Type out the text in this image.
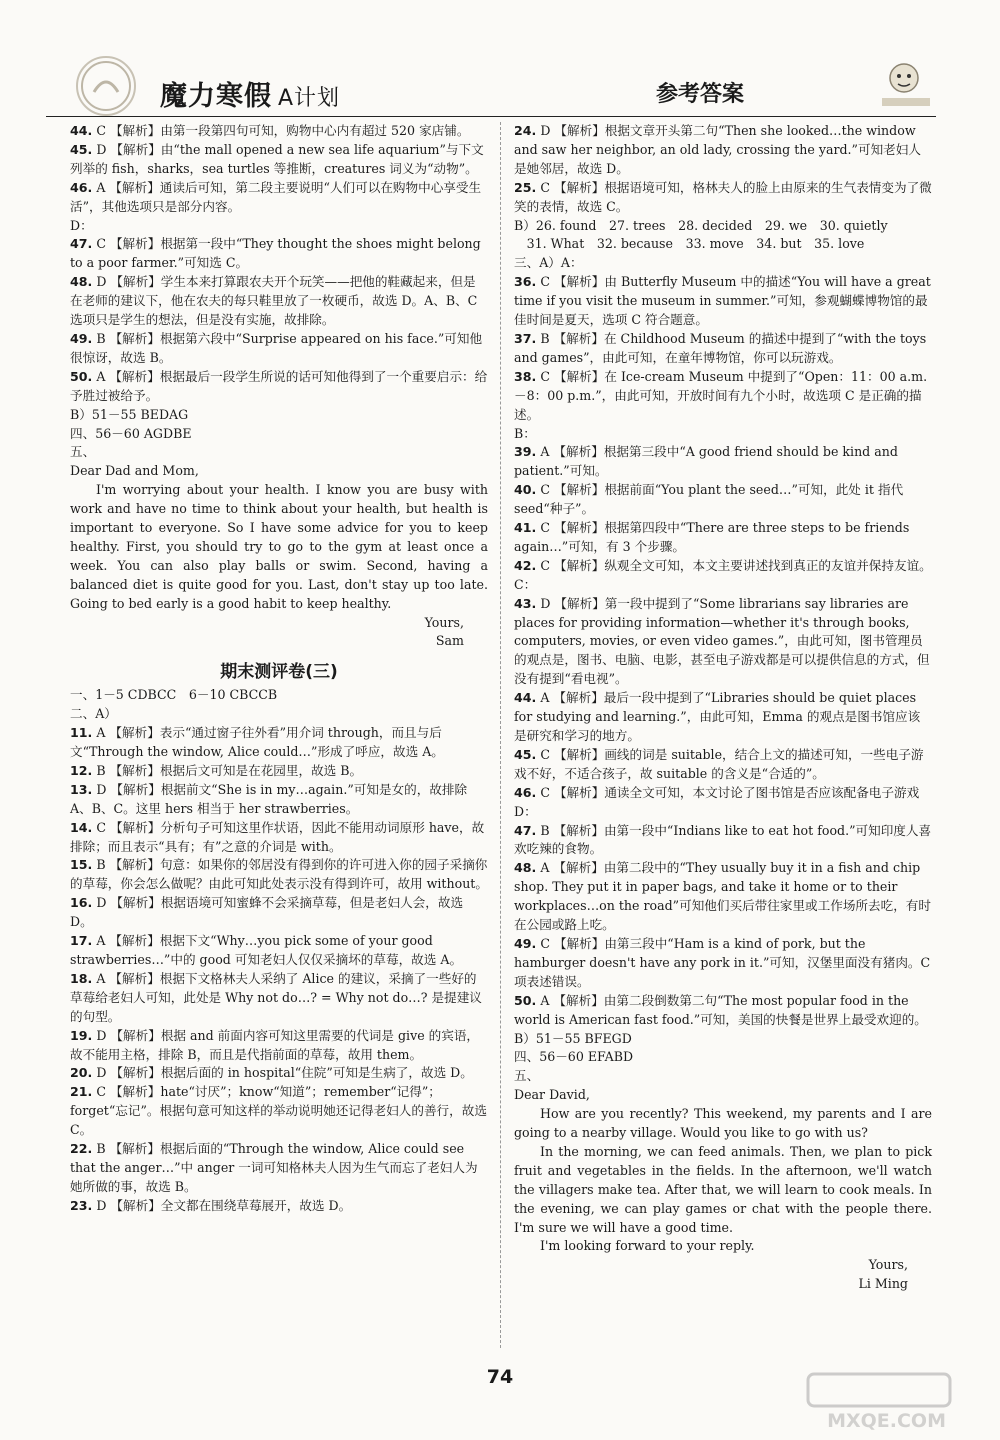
魔力寒假 A计划	参考答案

44. C 【解析】由第一段第四句可知，购物中心内有超过 520 家店铺。

45. D 【解析】由“the mall opened a new sea life aquarium”与下文列举的 fish，sharks，sea turtles 等推断，creatures 词义为“动物”。

46. A 【解析】通读后可知，第二段主要说明“人们可以在购物中心享受生活”，其他选项只是部分内容。

D：

47. C 【解析】根据第一段中“They thought the shoes might belong to a poor farmer.”可知选 C。

48. D 【解析】学生本来打算跟农夫开个玩笑——把他的鞋藏起来，但是在老师的建议下，他在农夫的每只鞋里放了一枚硬币，故选 D。A、B、C 选项只是学生的想法，但是没有实施，故排除。

49. B 【解析】根据第六段中“Surprise appeared on his face.”可知他很惊讶，故选 B。

50. A 【解析】根据最后一段学生所说的话可知他得到了一个重要启示：给予胜过被给予。

B）51－55 BEDAG

四、56－60 AGDBE

五、

Dear Dad and Mom,

I'm worrying about your health. I know you are busy with work and have no time to think about your health, but health is important to everyone. So I have some advice for you to keep healthy. First, you should try to go to the gym at least once a week. You can also play balls or swim. Second, having a balanced diet is quite good for you. Last, don't stay up too late. Going to bed early is a good habit to keep healthy.

Yours,

Sam

期末测评卷(三)

一、1－5 CDBCC　6－10 CBCCB

二、A）

11. A 【解析】表示“通过窗子往外看”用介词 through，而且与后文“Through the window, Alice could…”形成了呼应，故选 A。

12. B 【解析】根据后文可知是在花园里，故选 B。

13. D 【解析】根据前文“She is in my…again.”可知是女的，故排除 A、B、C。这里 hers 相当于 her strawberries。

14. C 【解析】分析句子可知这里作状语，因此不能用动词原形 have，故排除；而且表示“具有；有”之意的介词是 with。

15. B 【解析】句意：如果你的邻居没有得到你的许可进入你的园子采摘你的草莓，你会怎么做呢？由此可知此处表示没有得到许可，故用 without。

16. D 【解析】根据语境可知蜜蜂不会采摘草莓，但是老妇人会，故选 D。

17. A 【解析】根据下文“Why…you pick some of your good strawberries…”中的 good 可知老妇人仅仅采摘坏的草莓，故选 A。

18. A 【解析】根据下文格林夫人采纳了 Alice 的建议，采摘了一些好的草莓给老妇人可知，此处是 Why not do…? = Why not do…? 是提建议的句型。

19. D 【解析】根据 and 前面内容可知这里需要的代词是 give 的宾语，故不能用主格，排除 B，而且是代指前面的草莓，故用 them。

20. D 【解析】根据后面的 in hospital“住院”可知是生病了，故选 D。

21. C 【解析】hate“讨厌”；know“知道”；remember“记得”；forget“忘记”。根据句意可知这样的举动说明她还记得老妇人的善行，故选 C。

22. B 【解析】根据后面的“Through the window, Alice could see that the anger…”中 anger 一词可知格林夫人因为生气而忘了老妇人为她所做的事，故选 B。

23. D 【解析】全文都在围绕草莓展开，故选 D。

24. D 【解析】根据文章开头第二句“Then she looked…the window and saw her neighbor, an old lady, crossing the yard.”可知老妇人是她邻居，故选 D。

25. C 【解析】根据语境可知，格林夫人的脸上由原来的生气表情变为了微笑的表情，故选 C。

B）26. found　27. trees　28. decided　29. we　30. quietly

　31. What　32. because　33. move　34. but　35. love

三、A）A：

36. C 【解析】由 Butterfly Museum 中的描述“You will have a great time if you visit the museum in summer.”可知，参观蝴蝶博物馆的最佳时间是夏天，选项 C 符合题意。

37. B 【解析】在 Childhood Museum 的描述中提到了“with the toys and games”，由此可知，在童年博物馆，你可以玩游戏。

38. C 【解析】在 Ice-cream Museum 中提到了“Open：11：00 a.m.－8：00 p.m.”，由此可知，开放时间有九个小时，故选项 C 是正确的描述。

B：

39. A 【解析】根据第三段中“A good friend should be kind and patient.”可知。

40. C 【解析】根据前面“You plant the seed…”可知，此处 it 指代 seed“种子”。

41. C 【解析】根据第四段中“There are three steps to be friends again…”可知，有 3 个步骤。

42. C 【解析】纵观全文可知，本文主要讲述找到真正的友谊并保持友谊。

C：

43. D 【解析】第一段中提到了“Some librarians say libraries are places for providing information—whether it's through books, computers, movies, or even video games.”，由此可知，图书管理员的观点是，图书、电脑、电影，甚至电子游戏都是可以提供信息的方式，但没有提到“看电视”。

44. A 【解析】最后一段中提到了“Libraries should be quiet places for studying and learning.”，由此可知，Emma 的观点是图书馆应该是研究和学习的地方。

45. C 【解析】画线的词是 suitable，结合上文的描述可知，一些电子游戏不好，不适合孩子，故 suitable 的含义是“合适的”。

46. C 【解析】通读全文可知，本文讨论了图书馆是否应该配备电子游戏

D：

47. B 【解析】由第一段中“Indians like to eat hot food.”可知印度人喜欢吃辣的食物。

48. A 【解析】由第二段中的“They usually buy it in a fish and chip shop. They put it in paper bags, and take it home or to their workplaces…on the road”可知他们买后带往家里或工作场所去吃，有时在公园或路上吃。

49. C 【解析】由第三段中“Ham is a kind of pork, but the hamburger doesn't have any pork in it.”可知，汉堡里面没有猪肉。C 项表述错误。

50. A 【解析】由第二段倒数第二句“The most popular food in the world is American fast food.”可知，美国的快餐是世界上最受欢迎的。

B）51－55 BFEGD

四、56－60 EFABD

五、

Dear David,

How are you recently? This weekend, my parents and I are going to a nearby village. Would you like to go with us?

In the morning, we can feed animals. Then, we plan to pick fruit and vegetables in the fields. In the afternoon, we'll watch the villagers make tea. After that, we will learn to cook meals. In the evening, we can play games or chat with the people there. I'm sure we will have a good time.

I'm looking forward to your reply.

Yours,

Li Ming

74
MXQE.COM
